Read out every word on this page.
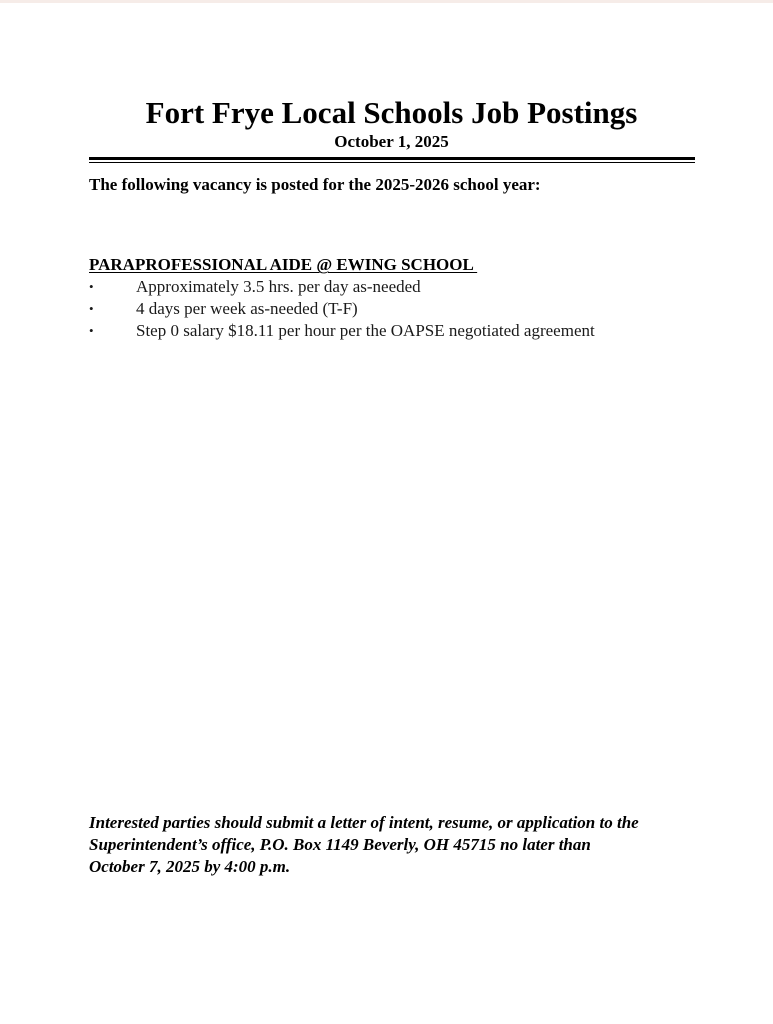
Fort Frye Local Schools Job Postings
October 1, 2025
The following vacancy is posted for the 2025-2026 school year:
PARAPROFESSIONAL AIDE @ EWING SCHOOL
•	Approximately 3.5 hrs. per day as-needed
•	4 days per week as-needed (T-F)
•	Step 0 salary $18.11 per hour per the OAPSE negotiated agreement
Interested parties should submit a letter of intent, resume, or application to the
Superintendent’s office, P.O. Box 1149 Beverly, OH 45715 no later than
October 7, 2025 by 4:00 p.m.
